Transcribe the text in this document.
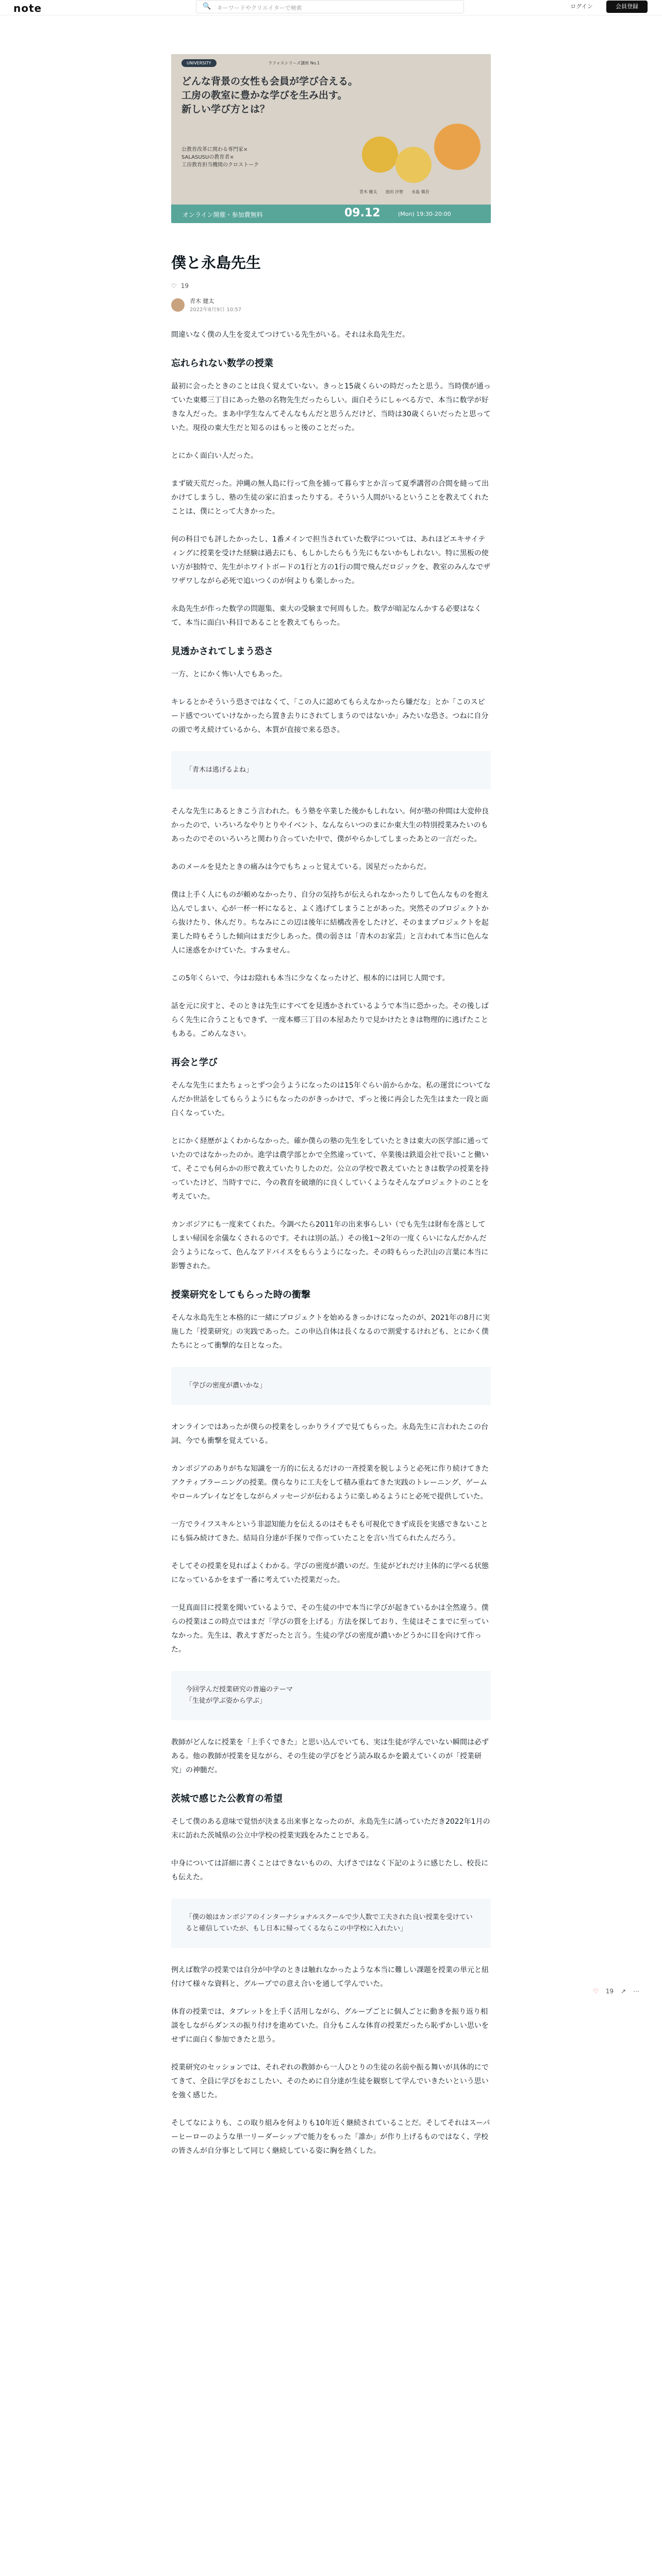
note	🔍 キーワードやクリエイターで検索	ログイン	会員登録
UNIVERSITY	ラフォスシリーズ講座 No.1
どんな背景の女性も会員が学び合える。
工房の教室に豊かな学びを生み出す。
新しい学び方とは？
公教育改革に関わる専門家×
SALASUSUの教育者×
工房教育担当機関のクロストーク
青木 健太　　池田 沙智　　永島 慎吾
オンライン開催・参加費無料	09.12	(Mon) 19:30-20:00
僕と永島先生
♡ 19
青木 健太
2022年8月9日 10:57

間違いなく僕の人生を変えてつけている先生がいる。それは永島先生だ。

忘れられない数学の授業

最初に会ったときのことは良く覚えていない。きっと15歳くらいの時だったと思う。当時僕が通っていた東郷三丁目にあった塾の名物先生だったらしい。面白そうにしゃべる方で、本当に数学が好きな人だった。まあ中学生なんてそんなもんだと思うんだけど、当時は30歳くらいだったと思っていた。現役の東大生だと知るのはもっと後のことだった。

とにかく面白い人だった。

まず破天荒だった。沖縄の無人島に行って魚を捕って暮らすとか言って夏季講習の合間を縫って出かけてしまうし、塾の生徒の家に泊まったりする。そういう人間がいるということを教えてくれたことは、僕にとって大きかった。

何の科目でも評したかったし、1番メインで担当されていた数学については、あれほどエキサイティングに授業を受けた経験は過去にも、もしかしたらもう先にもないかもしれない。特に黒板の使い方が独特で、先生がホワイトボードの1行と方の1行の間で飛んだロジックを、教室のみんなでザワザワしながら必死で追いつくのが何よりも楽しかった。

永島先生が作った数学の問題集、東大の受験まで何周もした。数学が暗記なんかする必要はなくて、本当に面白い科目であることを教えてもらった。

見透かされてしまう恐さ

一方、とにかく怖い人でもあった。

キレるとかそういう恐さではなくて、「この人に認めてもらえなかったら嫌だな」とか「このスピード感でついていけなかったら置き去りにされてしまうのではないか」みたいな恐さ。つねに自分の頭で考え続けているから、本質が直接で来る恐さ。

「青木は逃げるよね」

そんな先生にあるときこう言われた。もう塾を卒業した後かもしれない。何が塾の仲間は大変仲良かったので、いろいろなやりとりやイベント、なんならいつのまにか東大生の特別授業みたいのもあったのでそのいろいろと関わり合っていた中で、僕がやらかしてしまったあとの一言だった。

あのメールを見たときの痛みは今でもちょっと覚えている。図星だったからだ。

僕は上手く人にものが頼めなかったり、自分の気持ちが伝えられなかったりして色んなものを抱え込んでしまい、心が一杯一杯になると、よく逃げてしまうことがあった。突然そのプロジェクトから抜けたり、休んだり。ちなみにこの辺は後年に結構改善をしたけど、そのままプロジェクトを起業した時もそうした傾向はまだ少しあった。僕の弱さは「青木のお家芸」と言われて本当に色んな人に迷惑をかけていた。すみません。

この5年くらいで、今はお陰れも本当に少なくなったけど、根本的には同じ人間です。

話を元に戻すと、そのときは先生にすべてを見透かされているようで本当に恐かった。その後しばらく先生に合うこともできず、一度本郷三丁目の本屋あたりで見かけたときは物理的に逃げたこともある。ごめんなさい。

再会と学び

そんな先生にまたちょっとずつ会うようになったのは15年ぐらい前からかな。私の運営についてなんだか世話をしてもらうようにもなったのがきっかけで、ずっと後に再会した先生はまた一段と面白くなっていた。

とにかく経歴がよくわからなかった。確か僕らの塾の先生をしていたときは東大の医学部に通っていたのではなかったのか。進学は農学部とかで全然違っていて、卒業後は鉄道会社で長いこと働いて、そこでも何らかの形で教えていたりしたのだ。公立の学校で教えていたときは数学の授業を持っていたけど、当時すでに、今の教育を破壊的に良くしていくようなそんなプロジェクトのことを考えていた。

カンボジアにも一度来てくれた。今調べたら2011年の出来事らしい（でも先生は財布を落としてしまい帰国を余儀なくされるのです。それは別の話。）その後1〜2年の一度くらいになんだかんだ会うようになって、色んなアドバイスをもらうようになった。その時もらった沢山の言葉に本当に影響された。

授業研究をしてもらった時の衝撃

そんな永島先生と本格的に一緒にプロジェクトを始めるきっかけになったのが、2021年の8月に実施した「授業研究」の実践であった。この申込自体は長くなるので割愛するけれども、とにかく僕たちにとって衝撃的な日となった。

「学びの密度が濃いかな」

オンラインではあったが僕らの授業をしっかりライブで見てもらった。永島先生に言われたこの台詞、今でも衝撃を覚えている。

カンボジアのありがちな知識を一方的に伝えるだけの一斉授業を脱しようと必死に作り続けてきたアクティブラーニングの授業。僕らなりに工夫をして積み重ねてきた実践のトレーニング、ゲームやロールプレイなどをしながらメッセージが伝わるように楽しめるようにと必死で提供していた。

一方でライフスキルという非認知能力を伝えるのはそもそも可視化できず成長を実感できないことにも悩み続けてきた。結局自分達が手探りで作っていたことを言い当てられたんだろう。

そしてその授業を見ればよくわかる。学びの密度が濃いのだ。生徒がどれだけ主体的に学べる状態になっているかをまず一番に考えていた授業だった。

一見真面目に授業を聞いているようで、その生徒の中で本当に学びが起きているかは全然違う。僕らの授業はこの時点ではまだ「学びの質を上げる」方法を探しており、生徒はそこまでに至っていなかった。先生は、教えすぎだったと言う。生徒の学びの密度が濃いかどうかに目を向けて作った。

今回学んだ授業研究の普遍のテーマ
「生徒が学ぶ姿から学ぶ」

教師がどんなに授業を「上手くできた」と思い込んでいても、実は生徒が学んでいない瞬間は必ずある。他の教師が授業を見ながら、その生徒の学びをどう読み取るかを鍛えていくのが「授業研究」の神髄だ。

茨城で感じた公教育の希望

そして僕のある意味で覚悟が決まる出来事となったのが、永島先生に誘っていただき2022年1月の末に訪れた茨城県の公立中学校の授業実践をみたことである。

中身については詳細に書くことはできないものの、大げさではなく下記のように感じたし、校長にも伝えた。

「僕の娘はカンボジアのインターナショナルスクールで少人数で工夫された良い授業を受けていると確信していたが、もし日本に帰ってくるならこの中学校に入れたい」

例えば数学の授業では自分が中学のときは触れなかったような本当に難しい課題を授業の単元と紐付けて様々な資料と、グループでの意え合いを通して学んでいた。

体育の授業では、タブレットを上手く活用しながら、グループごとに個人ごとに動きを振り返り相談をしながらダンスの振り付けを進めていた。自分もこんな体育の授業だったら恥ずかしい思いをせずに面白く参加できたと思う。

授業研究のセッションでは、それぞれの教師から一人ひとりの生徒の名前や振る舞いが具体的にでてきて、全員に学びをおこしたい、そのために自分達が生徒を観察して学んでいきたいという思いを強く感じた。

そしてなによりも、この取り組みを何よりも10年近く継続されていることだ。そしてそれはスーパーヒーローのような単一リーダーシップで能力をもった「誰か」が作り上げるものではなく、学校の皆さんが自分事として同じく継続している姿に胸を熱くした。

♡ 19 ↗ ⋯
